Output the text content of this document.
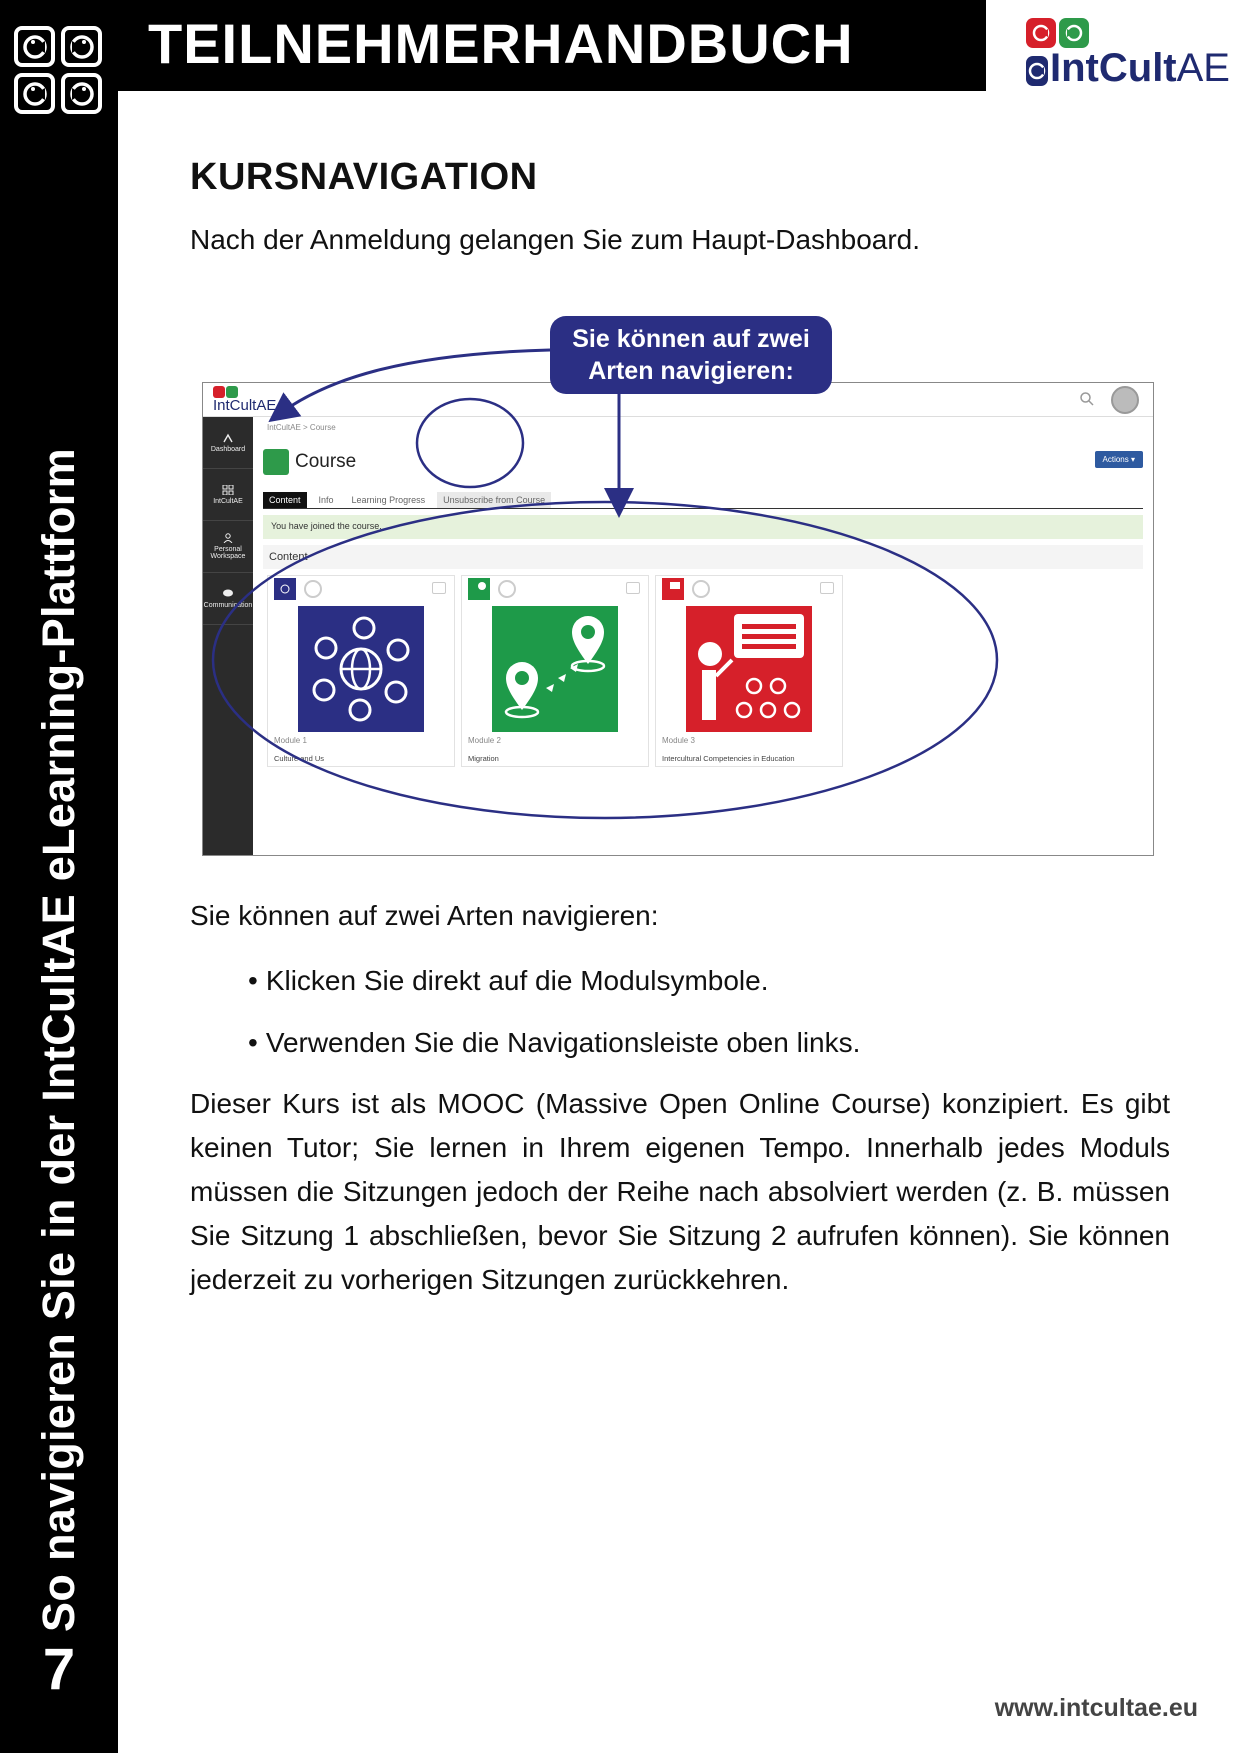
So navigieren Sie in der IntCultAE eLearning-Plattform
7
TEILNEHMERHANDBUCH	IntCultAE
KURSNAVIGATION
Nach der Anmeldung gelangen Sie zum Haupt-Dashboard.
IntCultAE
Dashboard
IntCultAE
Personal Workspace
Communication
IntCultAE > Course
Course	Actions ▾
Content	Info	Learning Progress	Unsubscribe from Course
You have joined the course.
Content
Module 1
Culture and Us
Module 2
Migration
Module 3
Intercultural Competencies in Education
Sie können auf zwei
Arten navigieren:
Sie können auf zwei Arten navigieren:
• Klicken Sie direkt auf die Modulsymbole.
• Verwenden Sie die Navigationsleiste oben links.
Dieser Kurs ist als MOOC (Massive Open Online Course) konzipiert. Es gibt keinen Tutor; Sie lernen in Ihrem eigenen Tempo. Innerhalb jedes Moduls müssen die Sitzungen jedoch der Reihe nach absolviert werden (z. B. müssen Sie Sitzung 1 abschließen, bevor Sie Sitzung 2 aufrufen können). Sie können jederzeit zu vorherigen Sitzungen zurückkehren.
www.intcultae.eu
